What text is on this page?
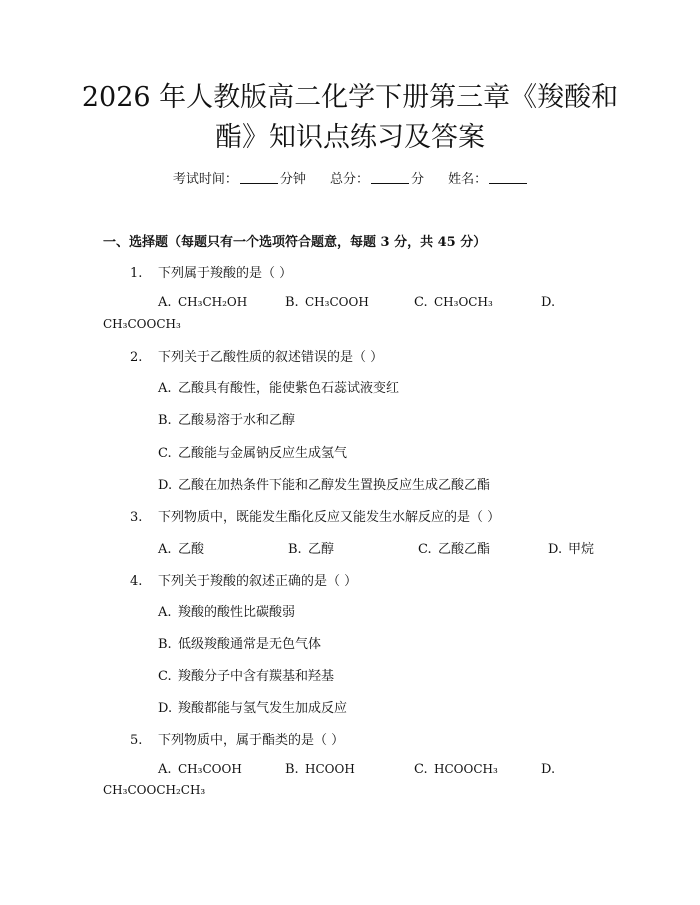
2026 年人教版高二化学下册第三章《羧酸和
酯》知识点练习及答案
考试时间：	分钟 总分：	分 姓名：
一、选择题（每题只有一个选项符合题意，每题 3 分，共 45 分）
1. 下列属于羧酸的是（ ）
A. CH₃CH₂OH	B. CH₃COOH	C. CH₃OCH₃	D.
CH₃COOCH₃
2. 下列关于乙酸性质的叙述错误的是（ ）
A. 乙酸具有酸性，能使紫色石蕊试液变红
B. 乙酸易溶于水和乙醇
C. 乙酸能与金属钠反应生成氢气
D. 乙酸在加热条件下能和乙醇发生置换反应生成乙酸乙酯
3. 下列物质中，既能发生酯化反应又能发生水解反应的是（ ）
A. 乙酸	B. 乙醇	C. 乙酸乙酯	D. 甲烷
4. 下列关于羧酸的叙述正确的是（ ）
A. 羧酸的酸性比碳酸弱
B. 低级羧酸通常是无色气体
C. 羧酸分子中含有羰基和羟基
D. 羧酸都能与氢气发生加成反应
5. 下列物质中，属于酯类的是（ ）
A. CH₃COOH	B. HCOOH	C. HCOOCH₃	D.
CH₃COOCH₂CH₃
